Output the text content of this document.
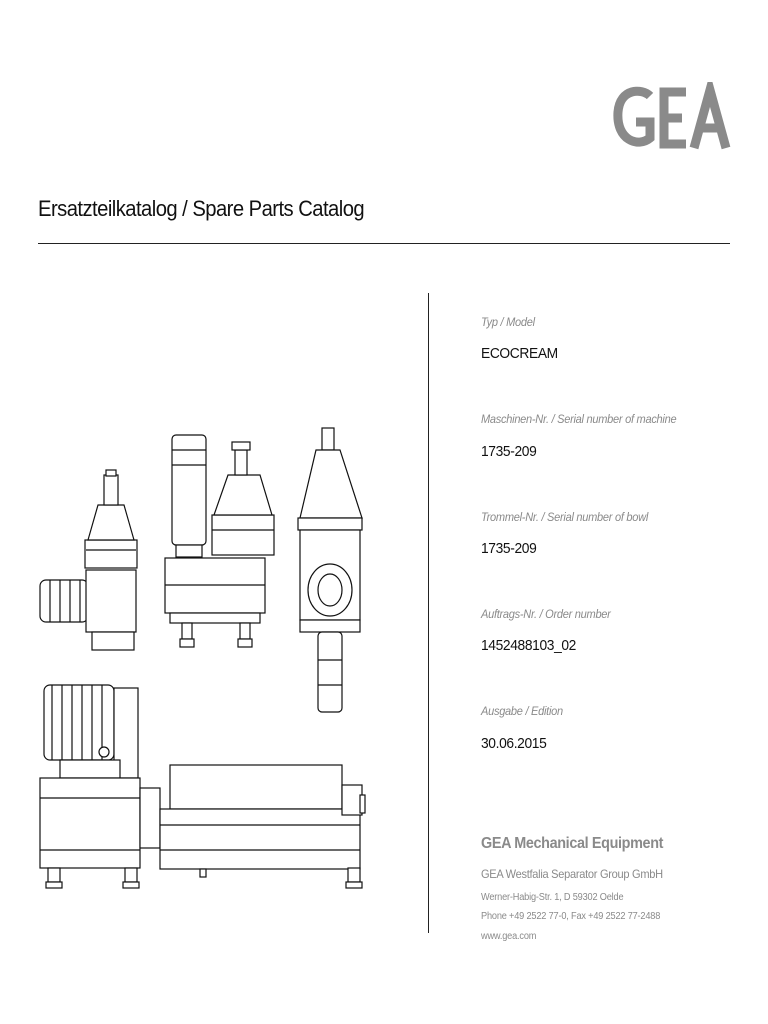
Ersatzteilkatalog / Spare Parts Catalog
Typ / Model
ECOCREAM
Maschinen-Nr. / Serial number of machine
1735-209
Trommel-Nr. / Serial number of bowl
1735-209
Auftrags-Nr. / Order number
1452488103_02
Ausgabe / Edition
30.06.2015
GEA Mechanical Equipment
GEA Westfalia Separator Group GmbH
Werner-Habig-Str. 1, D 59302 Oelde
Phone +49 2522 77-0, Fax +49 2522 77-2488
www.gea.com
